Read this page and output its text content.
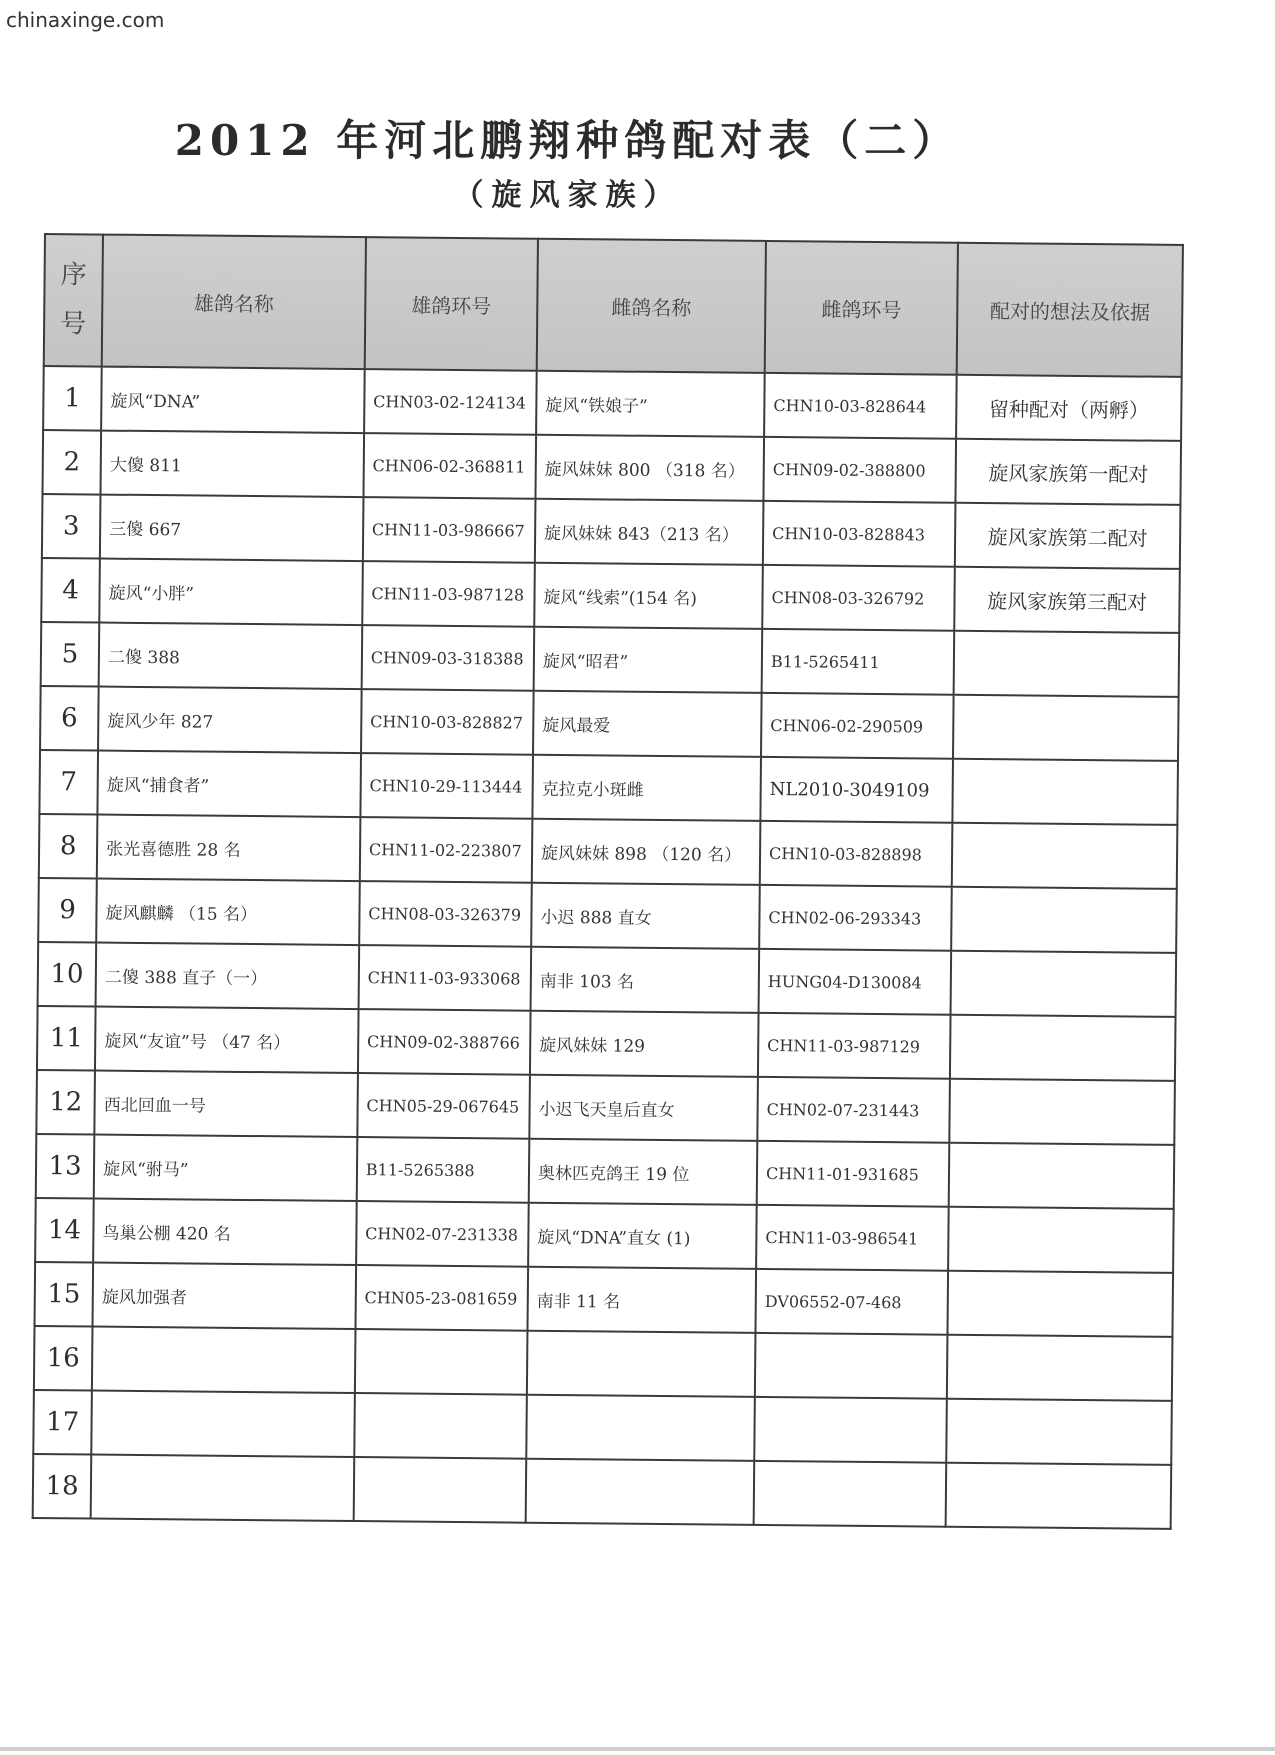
chinaxinge.com
2012 年河北鹏翔种鸽配对表（二）
（旋风家族）
序
号	雄鸽名称	雄鸽环号	雌鸽名称	雌鸽环号	配对的想法及依据
1	旋风“DNA”	CHN03-02-124134	旋风“铁娘子”	CHN10-03-828644	留种配对（两孵）
2	大傻 811	CHN06-02-368811	旋风妹妹 800 （318 名）	CHN09-02-388800	旋风家族第一配对
3	三傻 667	CHN11-03-986667	旋风妹妹 843（213 名）	CHN10-03-828843	旋风家族第二配对
4	旋风“小胖”	CHN11-03-987128	旋风“线索”(154 名)	CHN08-03-326792	旋风家族第三配对
5	二傻 388	CHN09-03-318388	旋风“昭君”	B11-5265411	
6	旋风少年 827	CHN10-03-828827	旋风最爱	CHN06-02-290509	
7	旋风“捕食者”	CHN10-29-113444	克拉克小斑雌	NL2010-3049109	
8	张光喜德胜 28 名	CHN11-02-223807	旋风妹妹 898 （120 名）	CHN10-03-828898	
9	旋风麒麟 （15 名）	CHN08-03-326379	小迟 888 直女	CHN02-06-293343	
10	二傻 388 直子（一）	CHN11-03-933068	南非 103 名	HUNG04-D130084	
11	旋风“友谊”号 （47 名）	CHN09-02-388766	旋风妹妹 129	CHN11-03-987129	
12	西北回血一号	CHN05-29-067645	小迟飞天皇后直女	CHN02-07-231443	
13	旋风“驸马”	B11-5265388	奥林匹克鸽王 19 位	CHN11-01-931685	
14	鸟巢公棚 420 名	CHN02-07-231338	旋风“DNA”直女 (1)	CHN11-03-986541	
15	旋风加强者	CHN05-23-081659	南非 11 名	DV06552-07-468	
16					
17					
18					
